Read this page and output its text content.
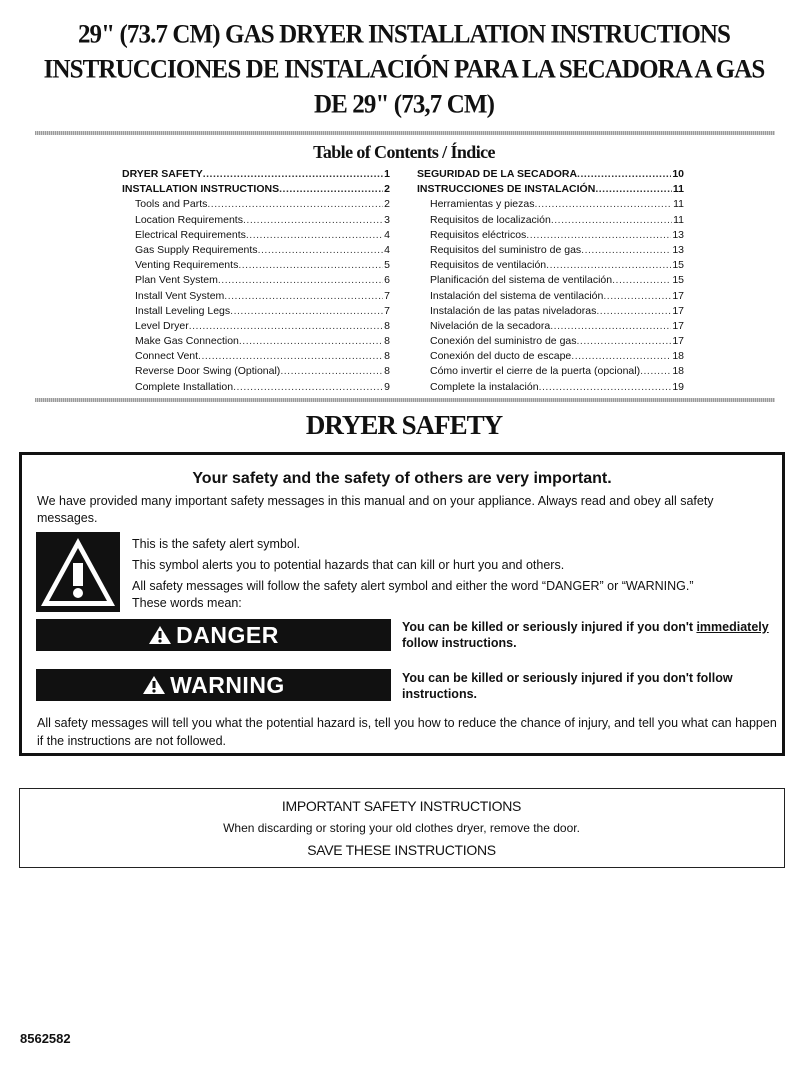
29" (73.7 CM) GAS DRYER INSTALLATION INSTRUCTIONS
INSTRUCCIONES DE INSTALACIÓN PARA LA SECADORA A GAS
DE 29" (73,7 CM)
Table of Contents / Índice
DRYER SAFETY .....	1
INSTALLATION INSTRUCTIONS .....	2
Tools and Parts .....	2
Location Requirements .....	3
Electrical Requirements .....	4
Gas Supply Requirements .....	4
Venting Requirements .....	5
Plan Vent System .....	6
Install Vent System .....	7
Install Leveling Legs .....	7
Level Dryer .....	8
Make Gas Connection .....	8
Connect Vent .....	8
Reverse Door Swing (Optional) .....	8
Complete Installation .....	9
SEGURIDAD DE LA SECADORA .....	10
INSTRUCCIONES DE INSTALACIÓN .....	11
Herramientas y piezas .....	11
Requisitos de localización .....	11
Requisitos eléctricos .....	13
Requisitos del suministro de gas .....	13
Requisitos de ventilación .....	15
Planificación del sistema de ventilación .....	15
Instalación del sistema de ventilación .....	17
Instalación de las patas niveladoras .....	17
Nivelación de la secadora .....	17
Conexión del suministro de gas .....	17
Conexión del ducto de escape .....	18
Cómo invertir el cierre de la puerta (opcional) .....	18
Complete la instalación .....	19
DRYER SAFETY
Your safety and the safety of others are very important.
We have provided many important safety messages in this manual and on your appliance. Always read and obey all safety messages.
This is the safety alert symbol.
This symbol alerts you to potential hazards that can kill or hurt you and others.
All safety messages will follow the safety alert symbol and either the word “DANGER” or “WARNING.”
These words mean:
DANGER	You can be killed or seriously injured if you don't immediately follow instructions.
WARNING	You can be killed or seriously injured if you don't follow instructions.
All safety messages will tell you what the potential hazard is, tell you how to reduce the chance of injury, and tell you what can happen if the instructions are not followed.
IMPORTANT SAFETY INSTRUCTIONS
When discarding or storing your old clothes dryer, remove the door.
SAVE THESE INSTRUCTIONS
8562582
